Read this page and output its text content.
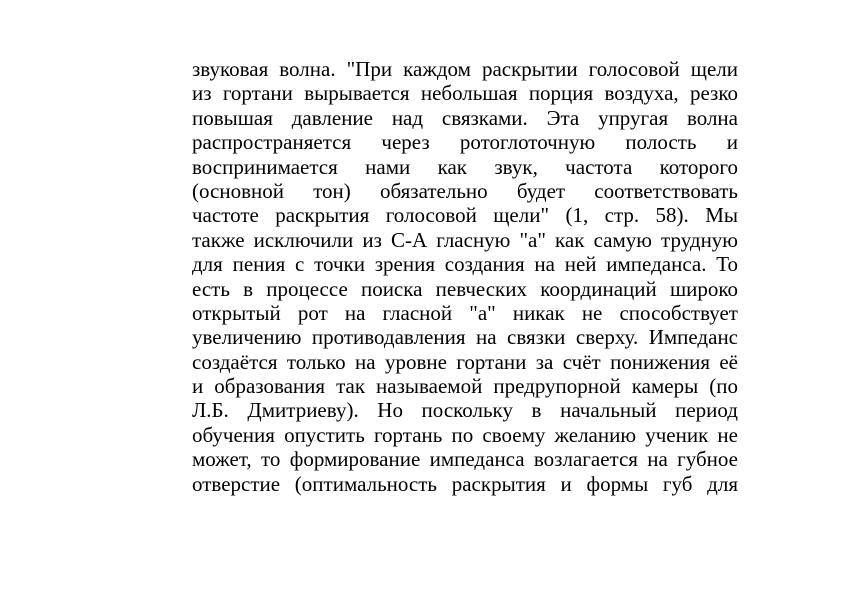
звуковая волна. "При каждом раскрытии голосовой щели
из гортани вырывается небольшая порция воздуха, резко
повышая давление над связками. Эта упругая волна
распространяется через ротоглоточную полость и
воспринимается нами как звук, частота которого
(основной тон) обязательно будет соответствовать
частоте раскрытия голосовой щели" (1, стр. 58). Мы
также исключили из С-А гласную "а" как самую трудную
для пения с точки зрения создания на ней импеданса. То
есть в процессе поиска певческих координаций широко
открытый рот на гласной "а" никак не способствует
увеличению противодавления на связки сверху. Импеданс
создаётся только на уровне гортани за счёт понижения её
и образования так называемой предрупорной камеры (по
Л.Б. Дмитриеву). Но поскольку в начальный период
обучения опустить гортань по своему желанию ученик не
может, то формирование импеданса возлагается на губное
отверстие (оптимальность раскрытия и формы губ для
